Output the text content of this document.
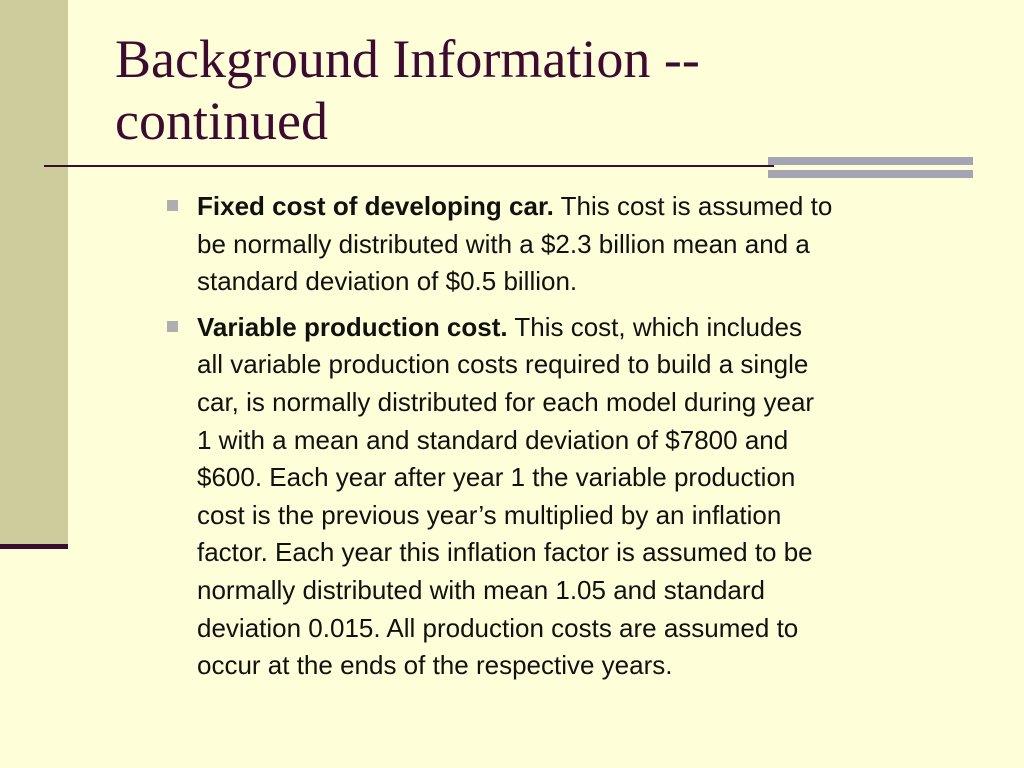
Background Information --
continued
Fixed cost of developing car. This cost is assumed to
be normally distributed with a $2.3 billion mean and a
standard deviation of $0.5 billion.
Variable production cost. This cost, which includes
all variable production costs required to build a single
car, is normally distributed for each model during year
1 with a mean and standard deviation of $7800 and
$600. Each year after year 1 the variable production
cost is the previous year’s multiplied by an inflation
factor. Each year this inflation factor is assumed to be
normally distributed with mean 1.05 and standard
deviation 0.015. All production costs are assumed to
occur at the ends of the respective years.
